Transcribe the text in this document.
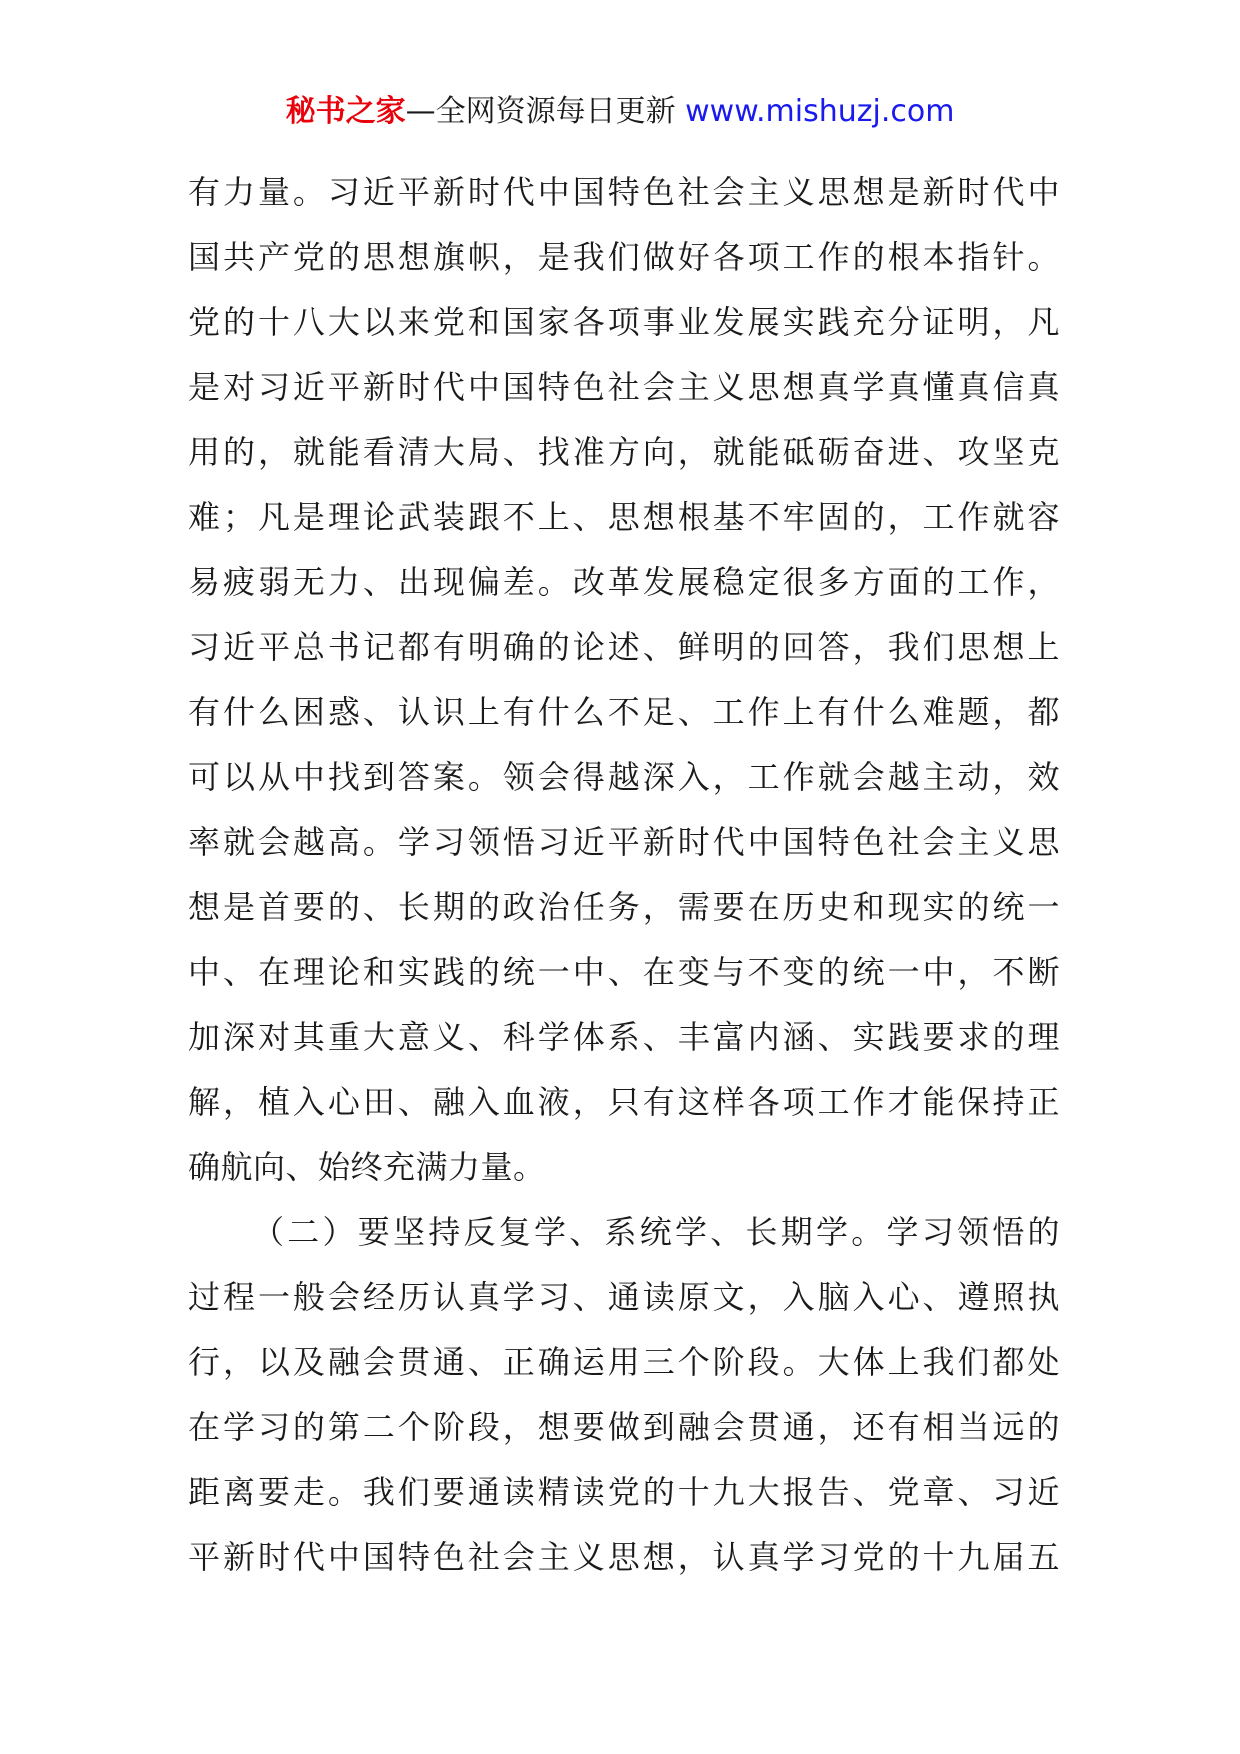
秘书之家—全网资源每日更新 www.mishuzj.com
有力量。习近平新时代中国特色社会主义思想是新时代中
国共产党的思想旗帜，是我们做好各项工作的根本指针。
党的十八大以来党和国家各项事业发展实践充分证明，凡
是对习近平新时代中国特色社会主义思想真学真懂真信真
用的，就能看清大局、找准方向，就能砥砺奋进、攻坚克
难；凡是理论武装跟不上、思想根基不牢固的，工作就容
易疲弱无力、出现偏差。改革发展稳定很多方面的工作，
习近平总书记都有明确的论述、鲜明的回答，我们思想上
有什么困惑、认识上有什么不足、工作上有什么难题，都
可以从中找到答案。领会得越深入，工作就会越主动，效
率就会越高。学习领悟习近平新时代中国特色社会主义思
想是首要的、长期的政治任务，需要在历史和现实的统一
中、在理论和实践的统一中、在变与不变的统一中，不断
加深对其重大意义、科学体系、丰富内涵、实践要求的理
解，植入心田、融入血液，只有这样各项工作才能保持正
确航向、始终充满力量。
（二）要坚持反复学、系统学、长期学。学习领悟的
过程一般会经历认真学习、通读原文，入脑入心、遵照执
行，以及融会贯通、正确运用三个阶段。大体上我们都处
在学习的第二个阶段，想要做到融会贯通，还有相当远的
距离要走。我们要通读精读党的十九大报告、党章、习近
平新时代中国特色社会主义思想，认真学习党的十九届五
